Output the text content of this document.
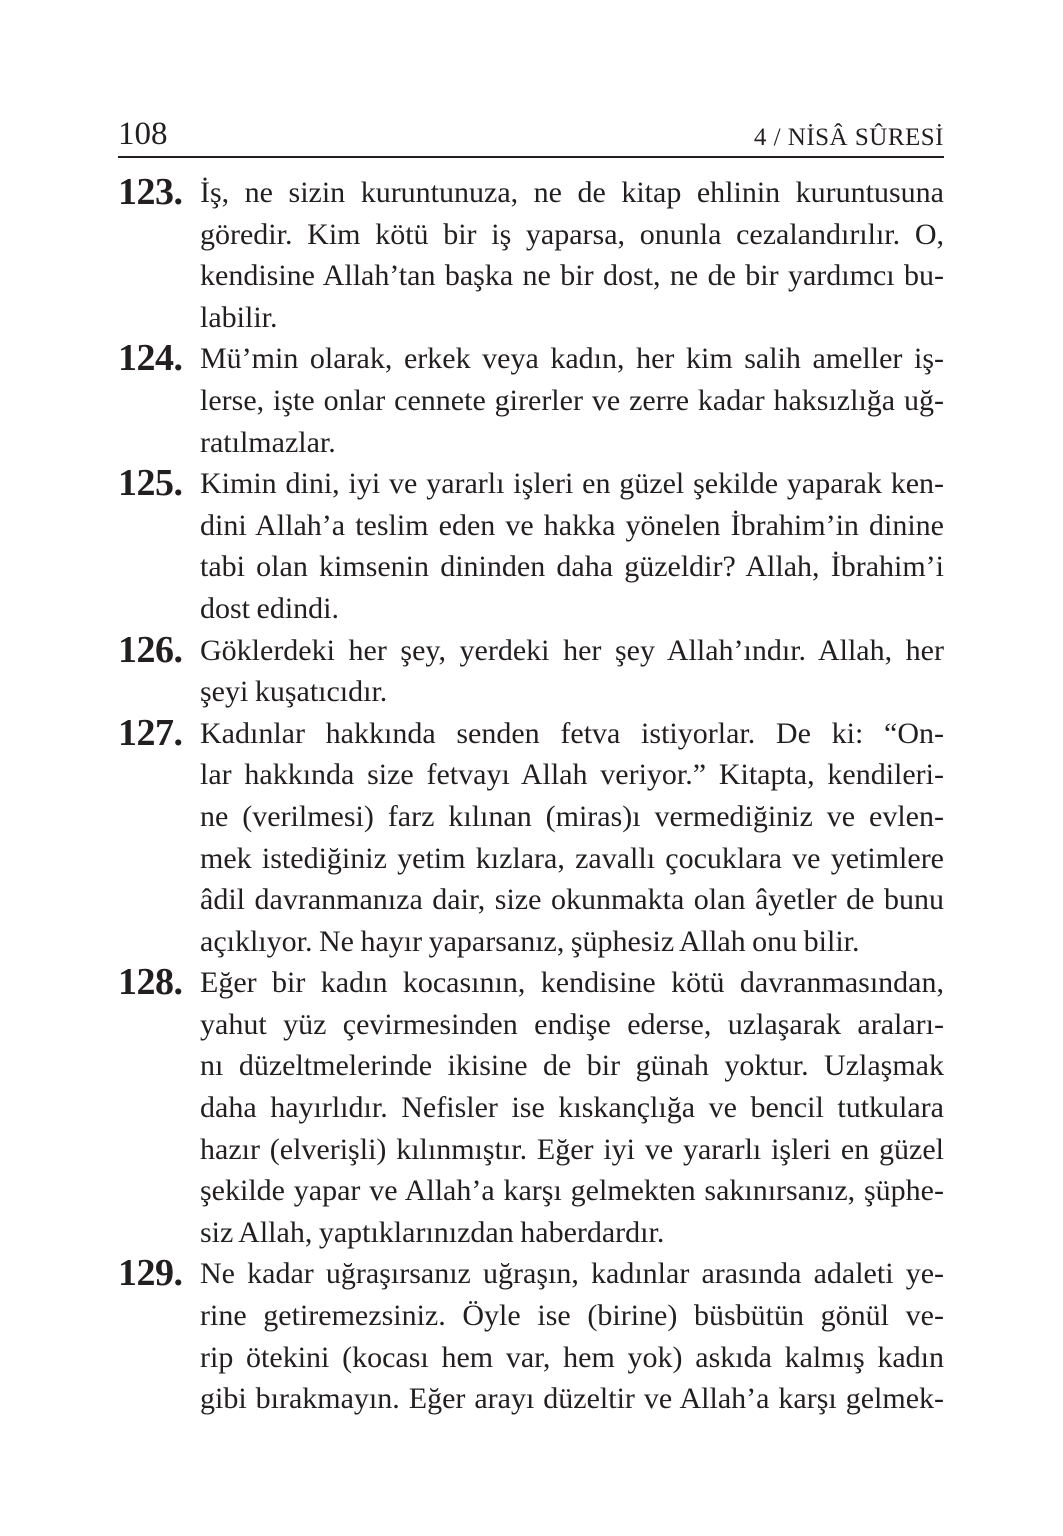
108	4 / NİSÂ SÛRESİ
123. İş, ne sizin kuruntunuza, ne de kitap ehlinin kuruntusuna
göredir. Kim kötü bir iş yaparsa, onunla cezalandırılır. O,
kendisine Allah’tan başka ne bir dost, ne de bir yardımcı bu-
labilir.
124. Mü’min olarak, erkek veya kadın, her kim salih ameller iş-
lerse, işte onlar cennete girerler ve zerre kadar haksızlığa uğ-
ratılmazlar.
125. Kimin dini, iyi ve yararlı işleri en güzel şekilde yaparak ken-
dini Allah’a teslim eden ve hakka yönelen İbrahim’in dinine
tabi olan kimsenin dininden daha güzeldir? Allah, İbrahim’i
dost edindi.
126. Göklerdeki her şey, yerdeki her şey Allah’ındır. Allah, her
şeyi kuşatıcıdır.
127. Kadınlar hakkında senden fetva istiyorlar. De ki: “On-
lar hakkında size fetvayı Allah veriyor.” Kitapta, kendileri-
ne (verilmesi) farz kılınan (miras)ı vermediğiniz ve evlen-
mek istediğiniz yetim kızlara, zavallı çocuklara ve yetimlere
âdil davranmanıza dair, size okunmakta olan âyetler de bunu
açıklıyor. Ne hayır yaparsanız, şüphesiz Allah onu bilir.
128. Eğer bir kadın kocasının, kendisine kötü davranmasından,
yahut yüz çevirmesinden endişe ederse, uzlaşarak araları-
nı düzeltmelerinde ikisine de bir günah yoktur. Uzlaşmak
daha hayırlıdır. Nefisler ise kıskançlığa ve bencil tutkulara
hazır (elverişli) kılınmıştır. Eğer iyi ve yararlı işleri en güzel
şekilde yapar ve Allah’a karşı gelmekten sakınırsanız, şüphe-
siz Allah, yaptıklarınızdan haberdardır.
129. Ne kadar uğraşırsanız uğraşın, kadınlar arasında adaleti ye-
rine getiremezsiniz. Öyle ise (birine) büsbütün gönül ve-
rip ötekini (kocası hem var, hem yok) askıda kalmış kadın
gibi bırakmayın. Eğer arayı düzeltir ve Allah’a karşı gelmek-
